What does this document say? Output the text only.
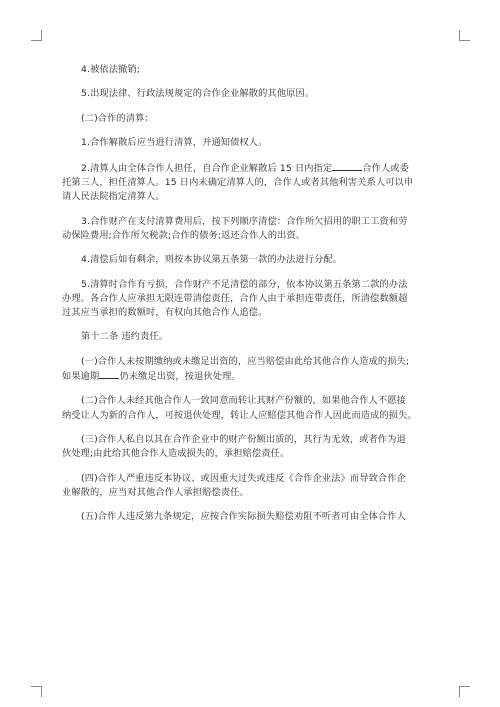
4.被依法撤销;

5.出现法律、行政法规规定的合作企业解散的其他原因。

(二)合作的清算：

1.合作解散后应当进行清算，并通知债权人。

2.清算人由全体合作人担任，自合作企业解散后 15 日内指定	合作人或委
托第三人，担任清算人。15 日内未确定清算人的，合作人或者其他利害关系人可以申
请人民法院指定清算人。

3.合作财产在支付清算费用后，按下列顺序清偿：合作所欠招用的职工工资和劳
动保险费用;合作所欠税款;合作的债务;返还合作人的出资。

4.清偿后如有剩余，则按本协议第五条第一款的办法进行分配。

5.清算时合作有亏损，合作财产不足清偿的部分，依本协议第五条第二款的办法
办理。各合作人应承担无限连带清偿责任，合作人由于承担连带责任，所清偿数额超
过其应当承担的数额时，有权向其他合作人追偿。

第十二条 违约责任。

(一)合作人未按期缴纳或未缴足出资的，应当赔偿由此给其他合作人造成的损失;
如果逾期 仍未缴足出资，按退伙处理。

(二)合作人未经其他合作人一致同意而转让其财产份额的，如果他合作人不愿接
纳受让人为新的合作人，可按退伙处理，转让人应赔偿其他合作人因此而造成的损失。

(三)合作人私自以其在合作企业中的财产份额出质的，其行为无效，或者作为退
伙处理;由此给其他合作人造成损失的，承担赔偿责任。

(四)合作人严重违反本协议、或因重大过失或违反《合作企业法》而导致合作企
业解散的，应当对其他合作人承担赔偿责任。

(五)合作人违反第九条规定，应按合作实际损失赔偿劝阻不听者可由全体合作人
